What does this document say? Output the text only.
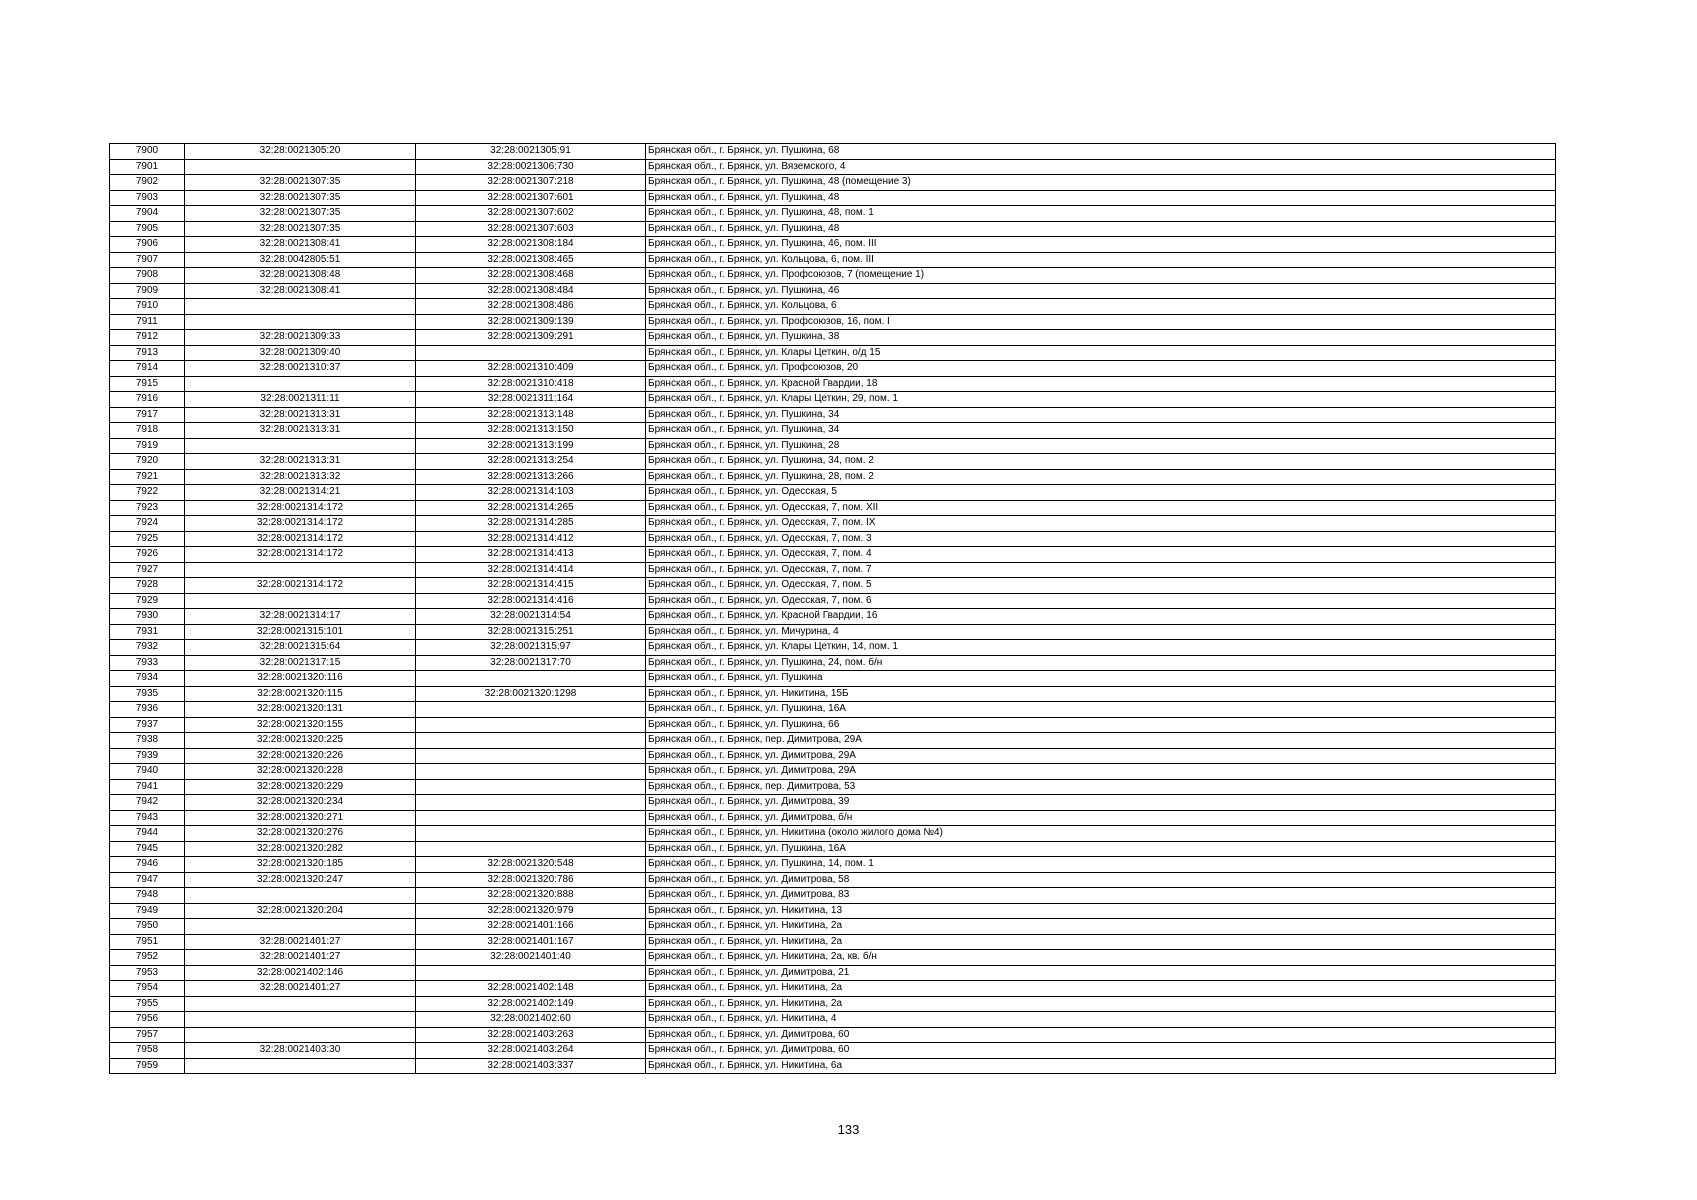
7900	32:28:0021305:20	32:28:0021305:91	Брянская обл., г. Брянск, ул. Пушкина, 68
7901		32:28:0021306:730	Брянская обл., г. Брянск, ул. Вяземского, 4
7902	32:28:0021307:35	32:28:0021307:218	Брянская обл., г. Брянск, ул. Пушкина, 48 (помещение 3)
7903	32:28:0021307:35	32:28:0021307:601	Брянская обл., г. Брянск, ул. Пушкина, 48
7904	32:28:0021307:35	32:28:0021307:602	Брянская обл., г. Брянск, ул. Пушкина, 48, пом. 1
7905	32:28:0021307:35	32:28:0021307:603	Брянская обл., г. Брянск, ул. Пушкина, 48
7906	32:28:0021308:41	32:28:0021308:184	Брянская обл., г. Брянск, ул. Пушкина, 46, пом. III
7907	32:28:0042805:51	32:28:0021308:465	Брянская обл., г. Брянск, ул. Кольцова, 6, пом. III
7908	32:28:0021308:48	32:28:0021308:468	Брянская обл., г. Брянск, ул. Профсоюзов, 7 (помещение 1)
7909	32:28:0021308:41	32:28:0021308:484	Брянская обл., г. Брянск, ул. Пушкина, 46
7910		32:28:0021308:486	Брянская обл., г. Брянск, ул. Кольцова, 6
7911		32:28:0021309:139	Брянская обл., г. Брянск, ул. Профсоюзов, 16, пом. I
7912	32:28:0021309:33	32:28:0021309:291	Брянская обл., г. Брянск, ул. Пушкина, 38
7913	32:28:0021309:40		Брянская обл., г. Брянск, ул. Клары Цеткин, о/д 15
7914	32:28:0021310:37	32:28:0021310:409	Брянская обл., г. Брянск, ул. Профсоюзов, 20
7915		32:28:0021310:418	Брянская обл., г. Брянск, ул. Красной Гвардии, 18
7916	32:28:0021311:11	32:28:0021311:164	Брянская обл., г. Брянск, ул. Клары Цеткин, 29, пом. 1
7917	32:28:0021313:31	32:28:0021313:148	Брянская обл., г. Брянск, ул. Пушкина, 34
7918	32:28:0021313:31	32:28:0021313:150	Брянская обл., г. Брянск, ул. Пушкина, 34
7919		32:28:0021313:199	Брянская обл., г. Брянск, ул. Пушкина, 28
7920	32:28:0021313:31	32:28:0021313:254	Брянская обл., г. Брянск, ул. Пушкина, 34, пом. 2
7921	32:28:0021313:32	32:28:0021313:266	Брянская обл., г. Брянск, ул. Пушкина, 28, пом. 2
7922	32:28:0021314:21	32:28:0021314:103	Брянская обл., г. Брянск, ул. Одесская, 5
7923	32:28:0021314:172	32:28:0021314:265	Брянская обл., г. Брянск, ул. Одесская, 7, пом. XII
7924	32:28:0021314:172	32:28:0021314:285	Брянская обл., г. Брянск, ул. Одесская, 7, пом. IX
7925	32:28:0021314:172	32:28:0021314:412	Брянская обл., г. Брянск, ул. Одесская, 7, пом. 3
7926	32:28:0021314:172	32:28:0021314:413	Брянская обл., г. Брянск, ул. Одесская, 7, пом. 4
7927		32:28:0021314:414	Брянская обл., г. Брянск, ул. Одесская, 7, пом. 7
7928	32:28:0021314:172	32:28:0021314:415	Брянская обл., г. Брянск, ул. Одесская, 7, пом. 5
7929		32:28:0021314:416	Брянская обл., г. Брянск, ул. Одесская, 7, пом. 6
7930	32:28:0021314:17	32:28:0021314:54	Брянская обл., г. Брянск, ул. Красной Гвардии, 16
7931	32:28:0021315:101	32:28:0021315:251	Брянская обл., г. Брянск, ул. Мичурина, 4
7932	32:28:0021315:64	32:28:0021315:97	Брянская обл., г. Брянск, ул. Клары Цеткин, 14, пом. 1
7933	32:28:0021317:15	32:28:0021317:70	Брянская обл., г. Брянск, ул. Пушкина, 24, пом. б/н
7934	32:28:0021320:116		Брянская обл., г. Брянск, ул. Пушкина
7935	32:28:0021320:115	32:28:0021320:1298	Брянская обл., г. Брянск, ул. Никитина, 15Б
7936	32:28:0021320:131		Брянская обл., г. Брянск, ул. Пушкина, 16А
7937	32:28:0021320:155		Брянская обл., г. Брянск, ул. Пушкина, 66
7938	32:28:0021320:225		Брянская обл., г. Брянск, пер. Димитрова, 29А
7939	32:28:0021320:226		Брянская обл., г. Брянск, ул. Димитрова, 29А
7940	32:28:0021320:228		Брянская обл., г. Брянск, ул. Димитрова, 29А
7941	32:28:0021320:229		Брянская обл., г. Брянск, пер. Димитрова, 53
7942	32:28:0021320:234		Брянская обл., г. Брянск, ул. Димитрова, 39
7943	32:28:0021320:271		Брянская обл., г. Брянск, ул. Димитрова, б/н
7944	32:28:0021320:276		Брянская обл., г. Брянск, ул. Никитина (около жилого дома №4)
7945	32:28:0021320:282		Брянская обл., г. Брянск, ул. Пушкина, 16А
7946	32:28:0021320:185	32:28:0021320:548	Брянская обл., г. Брянск, ул. Пушкина, 14, пом. 1
7947	32:28:0021320:247	32:28:0021320:786	Брянская обл., г. Брянск, ул. Димитрова, 58
7948		32:28:0021320:888	Брянская обл., г. Брянск, ул. Димитрова, 83
7949	32:28:0021320:204	32:28:0021320:979	Брянская обл., г. Брянск, ул. Никитина, 13
7950		32:28:0021401:166	Брянская обл., г. Брянск, ул. Никитина, 2а
7951	32:28:0021401:27	32:28:0021401:167	Брянская обл., г. Брянск, ул. Никитина, 2а
7952	32:28:0021401:27	32:28:0021401:40	Брянская обл., г. Брянск, ул. Никитина, 2а, кв. б/н
7953	32:28:0021402:146		Брянская обл., г. Брянск, ул. Димитрова, 21
7954	32:28:0021401:27	32:28:0021402:148	Брянская обл., г. Брянск, ул. Никитина, 2а
7955		32:28:0021402:149	Брянская обл., г. Брянск, ул. Никитина, 2а
7956		32:28:0021402:60	Брянская обл., г. Брянск, ул. Никитина, 4
7957		32:28:0021403:263	Брянская обл., г. Брянск, ул. Димитрова, 60
7958	32:28:0021403:30	32:28:0021403:264	Брянская обл., г. Брянск, ул. Димитрова, 60
7959		32:28:0021403:337	Брянская обл., г. Брянск, ул. Никитина, 6а
133
